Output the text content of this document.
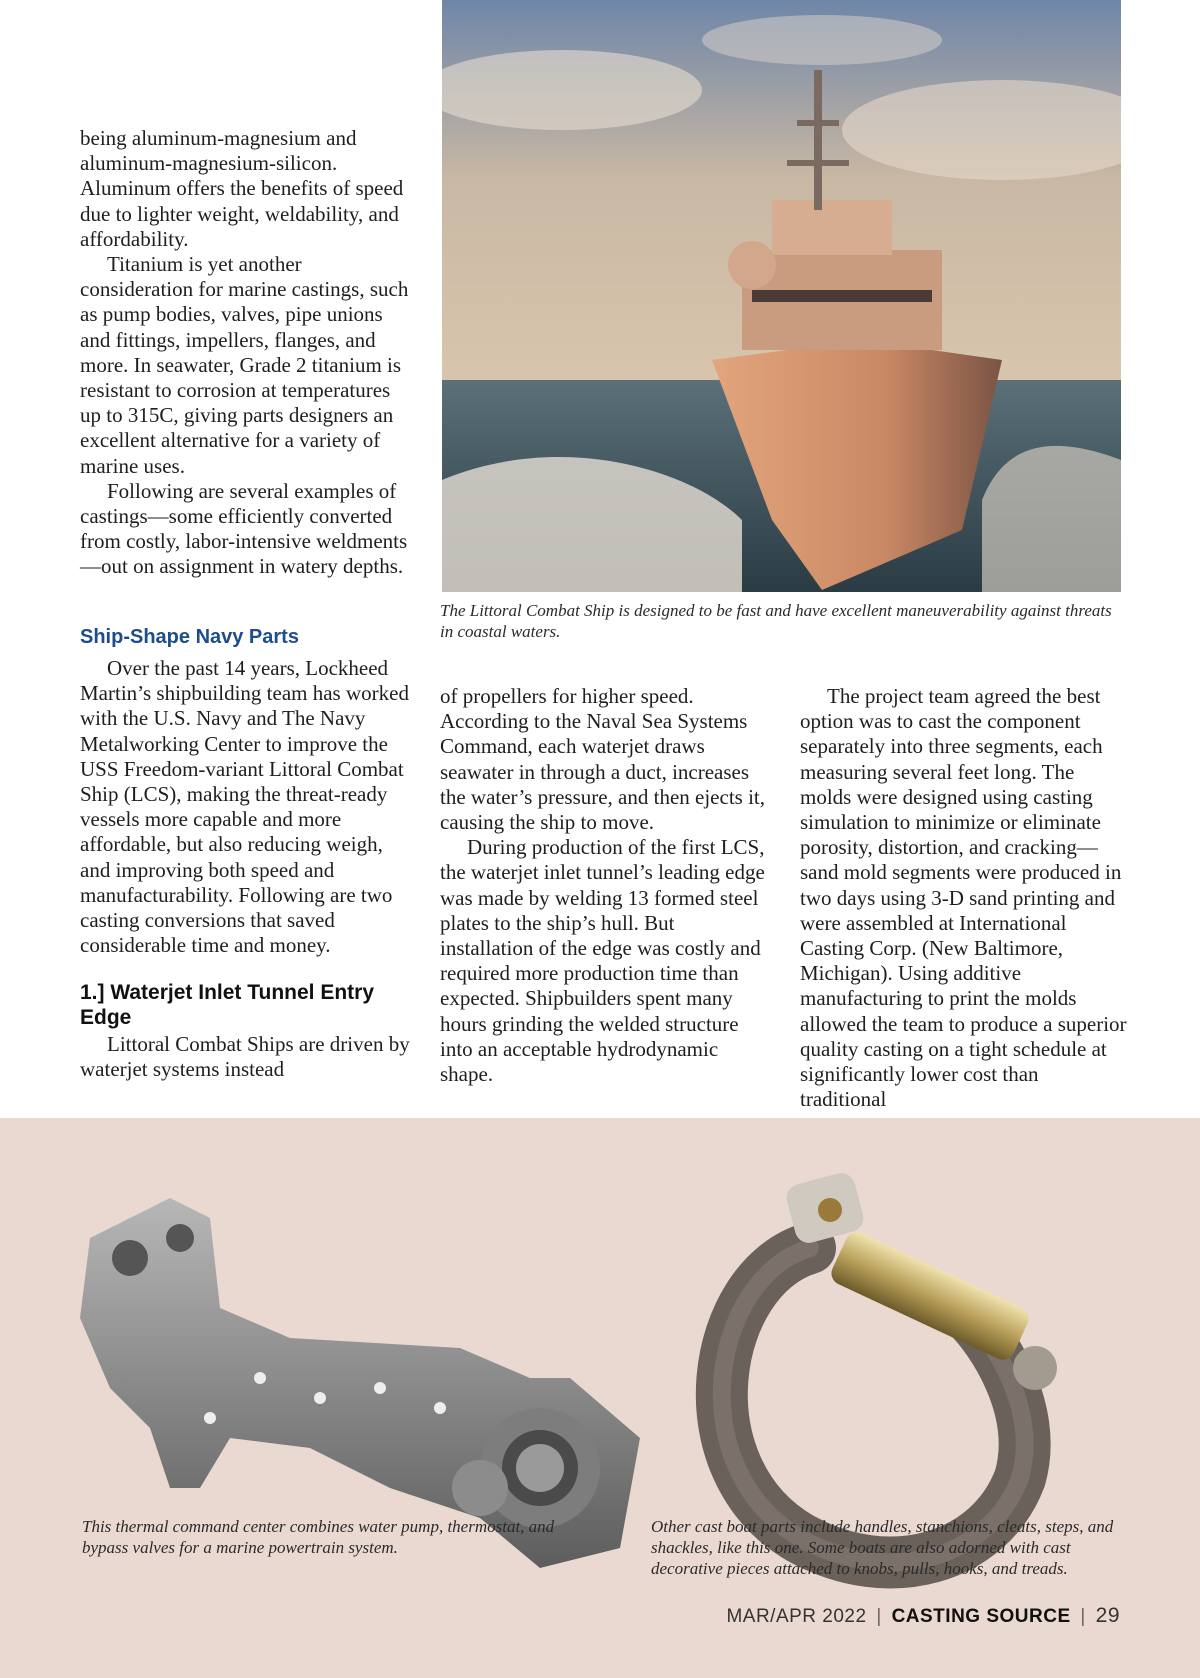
being aluminum-magnesium and aluminum-magnesium-silicon. Aluminum offers the benefits of speed due to lighter weight, weldability, and affordability.

Titanium is yet another consideration for marine castings, such as pump bodies, valves, pipe unions and fittings, impellers, flanges, and more. In seawater, Grade 2 titanium is resistant to corrosion at temperatures up to 315C, giving parts designers an excellent alternative for a variety of marine uses.

Following are several examples of castings—some efficiently converted from costly, labor-intensive weldments—out on assignment in watery depths.

Ship-Shape Navy Parts

Over the past 14 years, Lockheed Martin’s shipbuilding team has worked with the U.S. Navy and The Navy Metalworking Center to improve the USS Freedom-variant Littoral Combat Ship (LCS), making the threat-ready vessels more capable and more affordable, but also reducing weigh, and improving both speed and manufacturability. Following are two casting conversions that saved considerable time and money.

1.] Waterjet Inlet Tunnel Entry Edge

Littoral Combat Ships are driven by waterjet systems instead

of propellers for higher speed. According to the Naval Sea Systems Command, each waterjet draws seawater in through a duct, increases the water’s pressure, and then ejects it, causing the ship to move.

During production of the first LCS, the waterjet inlet tunnel’s leading edge was made by welding 13 formed steel plates to the ship’s hull. But installation of the edge was costly and required more production time than expected. Shipbuilders spent many hours grinding the welded structure into an acceptable hydrodynamic shape.

The project team agreed the best option was to cast the component separately into three segments, each measuring several feet long. The molds were designed using casting simulation to minimize or eliminate porosity, distortion, and cracking—sand mold segments were produced in two days using 3-D sand printing and were assembled at International Casting Corp. (New Baltimore, Michigan). Using additive manufacturing to print the molds allowed the team to produce a superior quality casting on a tight schedule at significantly lower cost than traditional

The Littoral Combat Ship is designed to be fast and have excellent maneuverability against threats in coastal waters.
This thermal command center combines water pump, thermostat, and bypass valves for a marine powertrain system.
Other cast boat parts include handles, stanchions, cleats, steps, and shackles, like this one. Some boats are also adorned with cast decorative pieces attached to knobs, pulls, hooks, and treads.
MAR/APR 2022 | CASTING SOURCE | 29
